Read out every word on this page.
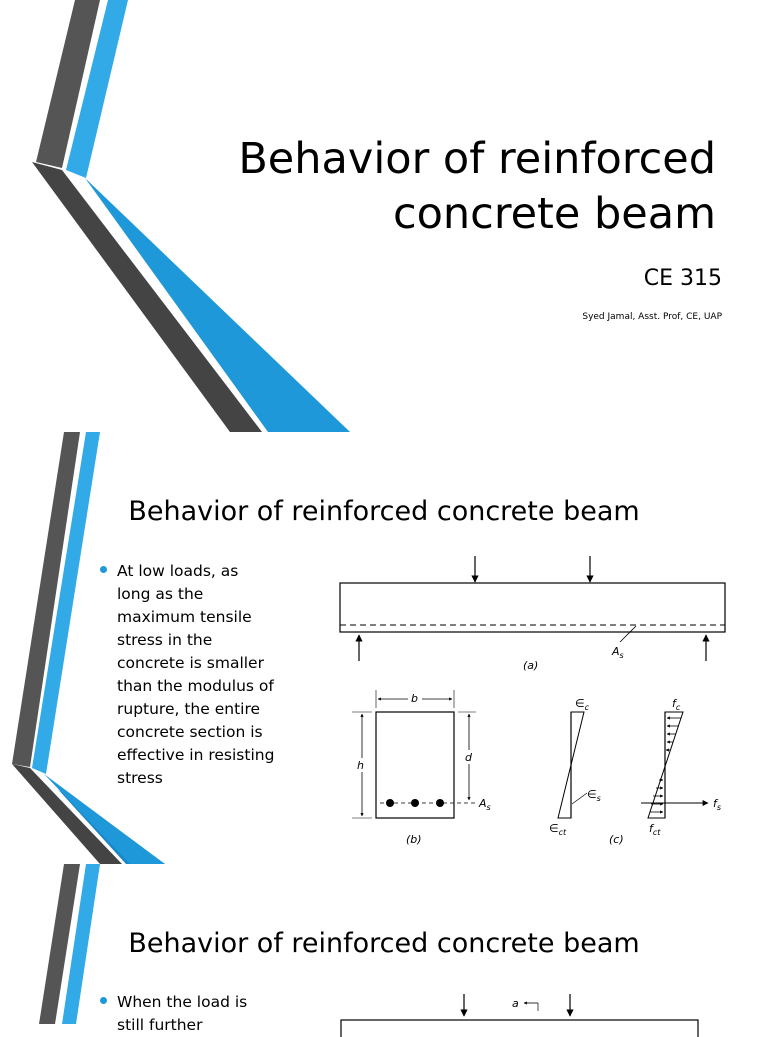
Behavior of reinforced
concrete beam

CE 315

Syed Jamal, Asst. Prof, CE, UAP

Behavior of reinforced concrete beam
At low loads, as long as the maximum tensile stress in the concrete is smaller than the modulus of rupture, the entire concrete section is effective in resisting stress
$A_s$
(a)
b
h
d
$A_s$
(b)
$\in_c$
$\in_s$
$\in_{ct}$
(c)
$f_c$
$f_s$
$f_{ct}$
Behavior of reinforced concrete beam
When the load is
still further
a
